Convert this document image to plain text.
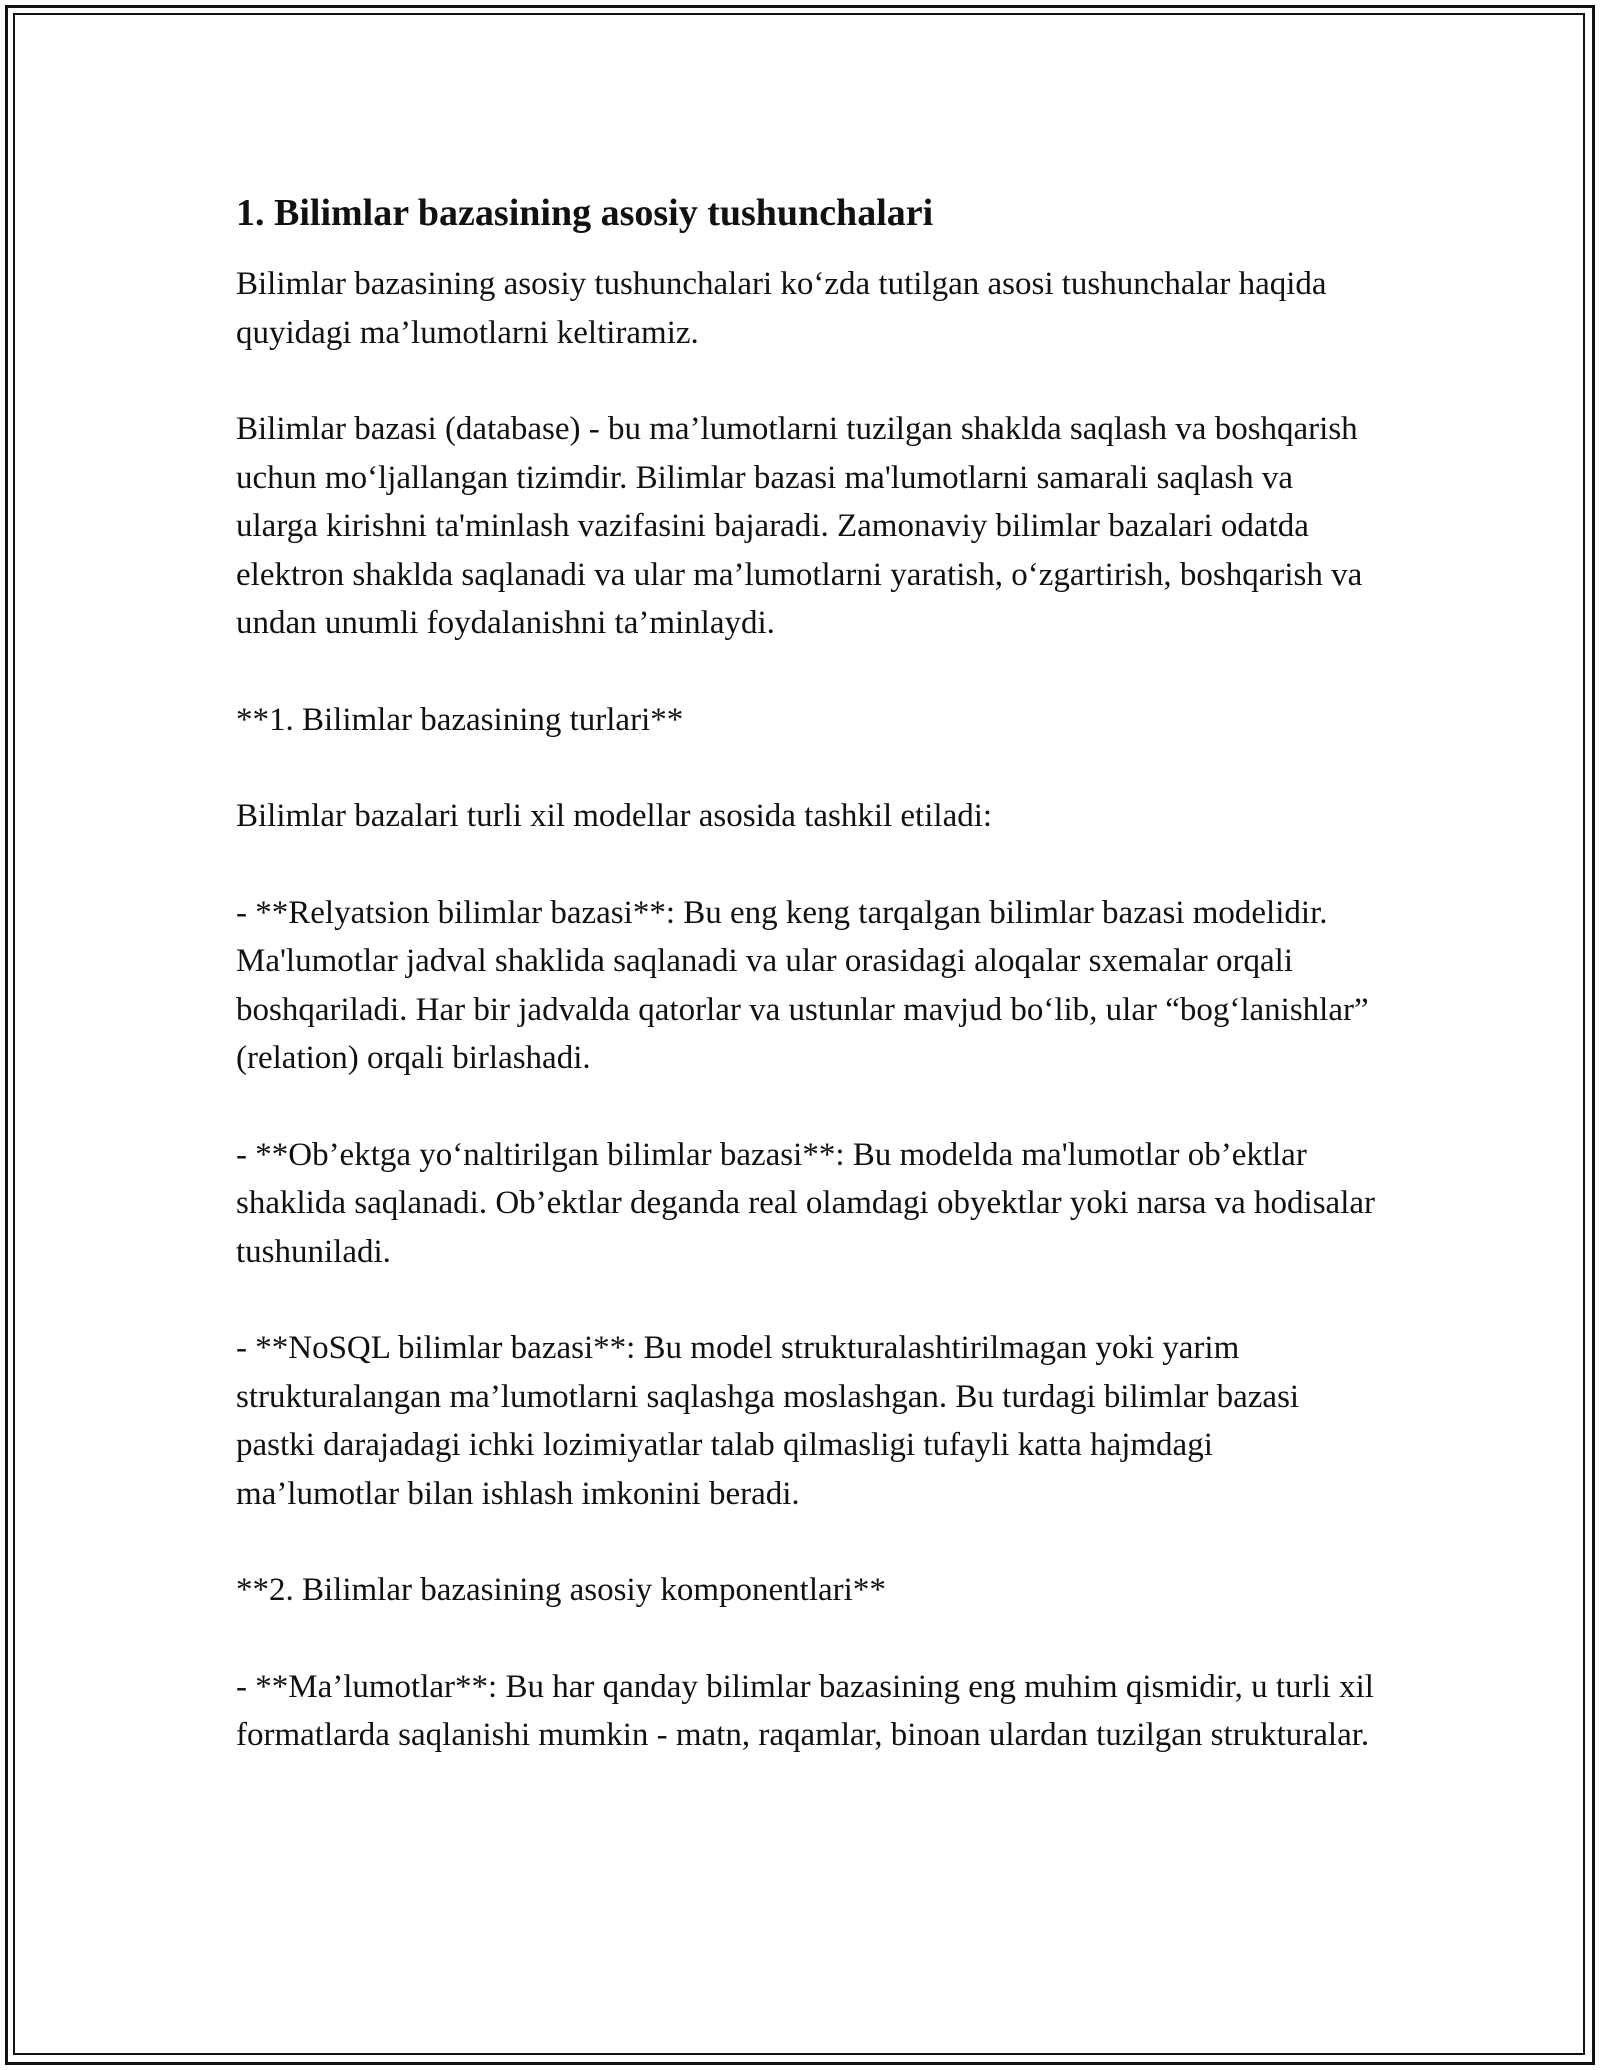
1. Bilimlar bazasining asosiy tushunchalari

Bilimlar bazasining asosiy tushunchalari ko‘zda tutilgan asosi tushunchalar haqida quyidagi ma’lumotlarni keltiramiz.

Bilimlar bazasi (database) - bu ma’lumotlarni tuzilgan shaklda saqlash va boshqarish uchun mo‘ljallangan tizimdir. Bilimlar bazasi ma'lumotlarni samarali saqlash va ularga kirishni ta'minlash vazifasini bajaradi. Zamonaviy bilimlar bazalari odatda elektron shaklda saqlanadi va ular ma’lumotlarni yaratish, o‘zgartirish, boshqarish va undan unumli foydalanishni ta’minlaydi.

**1. Bilimlar bazasining turlari**

Bilimlar bazalari turli xil modellar asosida tashkil etiladi:

- **Relyatsion bilimlar bazasi**: Bu eng keng tarqalgan bilimlar bazasi modelidir. Ma'lumotlar jadval shaklida saqlanadi va ular orasidagi aloqalar sxemalar orqali boshqariladi. Har bir jadvalda qatorlar va ustunlar mavjud bo‘lib, ular “bog‘lanishlar” (relation) orqali birlashadi.

- **Ob’ektga yo‘naltirilgan bilimlar bazasi**: Bu modelda ma'lumotlar ob’ektlar shaklida saqlanadi. Ob’ektlar deganda real olamdagi obyektlar yoki narsa va hodisalar tushuniladi.

- **NoSQL bilimlar bazasi**: Bu model strukturalashtirilmagan yoki yarim strukturalangan ma’lumotlarni saqlashga moslashgan. Bu turdagi bilimlar bazasi pastki darajadagi ichki lozimiyatlar talab qilmasligi tufayli katta hajmdagi ma’lumotlar bilan ishlash imkonini beradi.

**2. Bilimlar bazasining asosiy komponentlari**

- **Ma’lumotlar**: Bu har qanday bilimlar bazasining eng muhim qismidir, u turli xil formatlarda saqlanishi mumkin - matn, raqamlar, binoan ulardan tuzilgan strukturalar.
